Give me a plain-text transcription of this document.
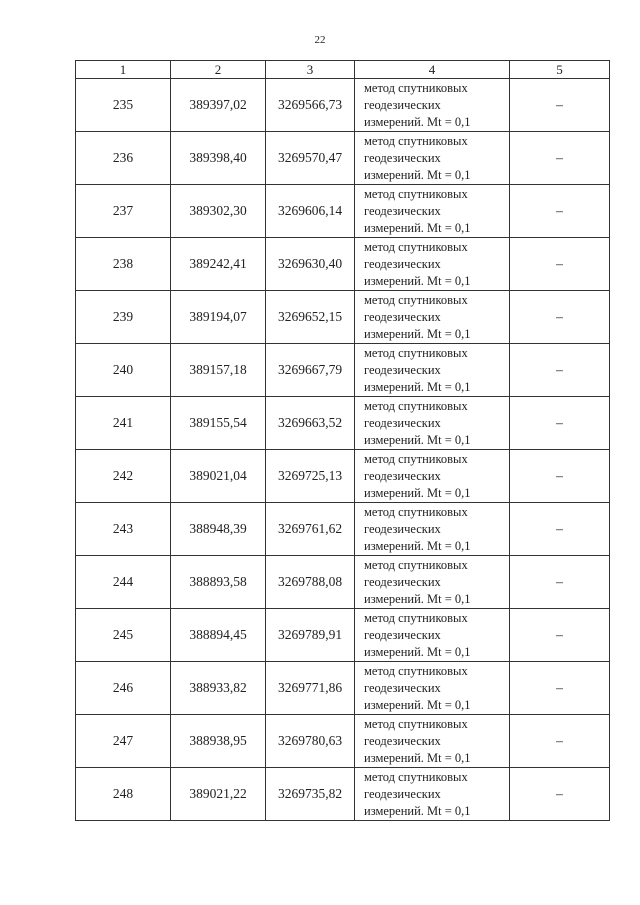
22
1	2	3	4	5
235	389397,02	3269566,73	метод спутниковых
геодезических
измерений. Mt = 0,1	–
236	389398,40	3269570,47	метод спутниковых
геодезических
измерений. Mt = 0,1	–
237	389302,30	3269606,14	метод спутниковых
геодезических
измерений. Mt = 0,1	–
238	389242,41	3269630,40	метод спутниковых
геодезических
измерений. Mt = 0,1	–
239	389194,07	3269652,15	метод спутниковых
геодезических
измерений. Mt = 0,1	–
240	389157,18	3269667,79	метод спутниковых
геодезических
измерений. Mt = 0,1	–
241	389155,54	3269663,52	метод спутниковых
геодезических
измерений. Mt = 0,1	–
242	389021,04	3269725,13	метод спутниковых
геодезических
измерений. Mt = 0,1	–
243	388948,39	3269761,62	метод спутниковых
геодезических
измерений. Mt = 0,1	–
244	388893,58	3269788,08	метод спутниковых
геодезических
измерений. Mt = 0,1	–
245	388894,45	3269789,91	метод спутниковых
геодезических
измерений. Mt = 0,1	–
246	388933,82	3269771,86	метод спутниковых
геодезических
измерений. Mt = 0,1	–
247	388938,95	3269780,63	метод спутниковых
геодезических
измерений. Mt = 0,1	–
248	389021,22	3269735,82	метод спутниковых
геодезических
измерений. Mt = 0,1	–
